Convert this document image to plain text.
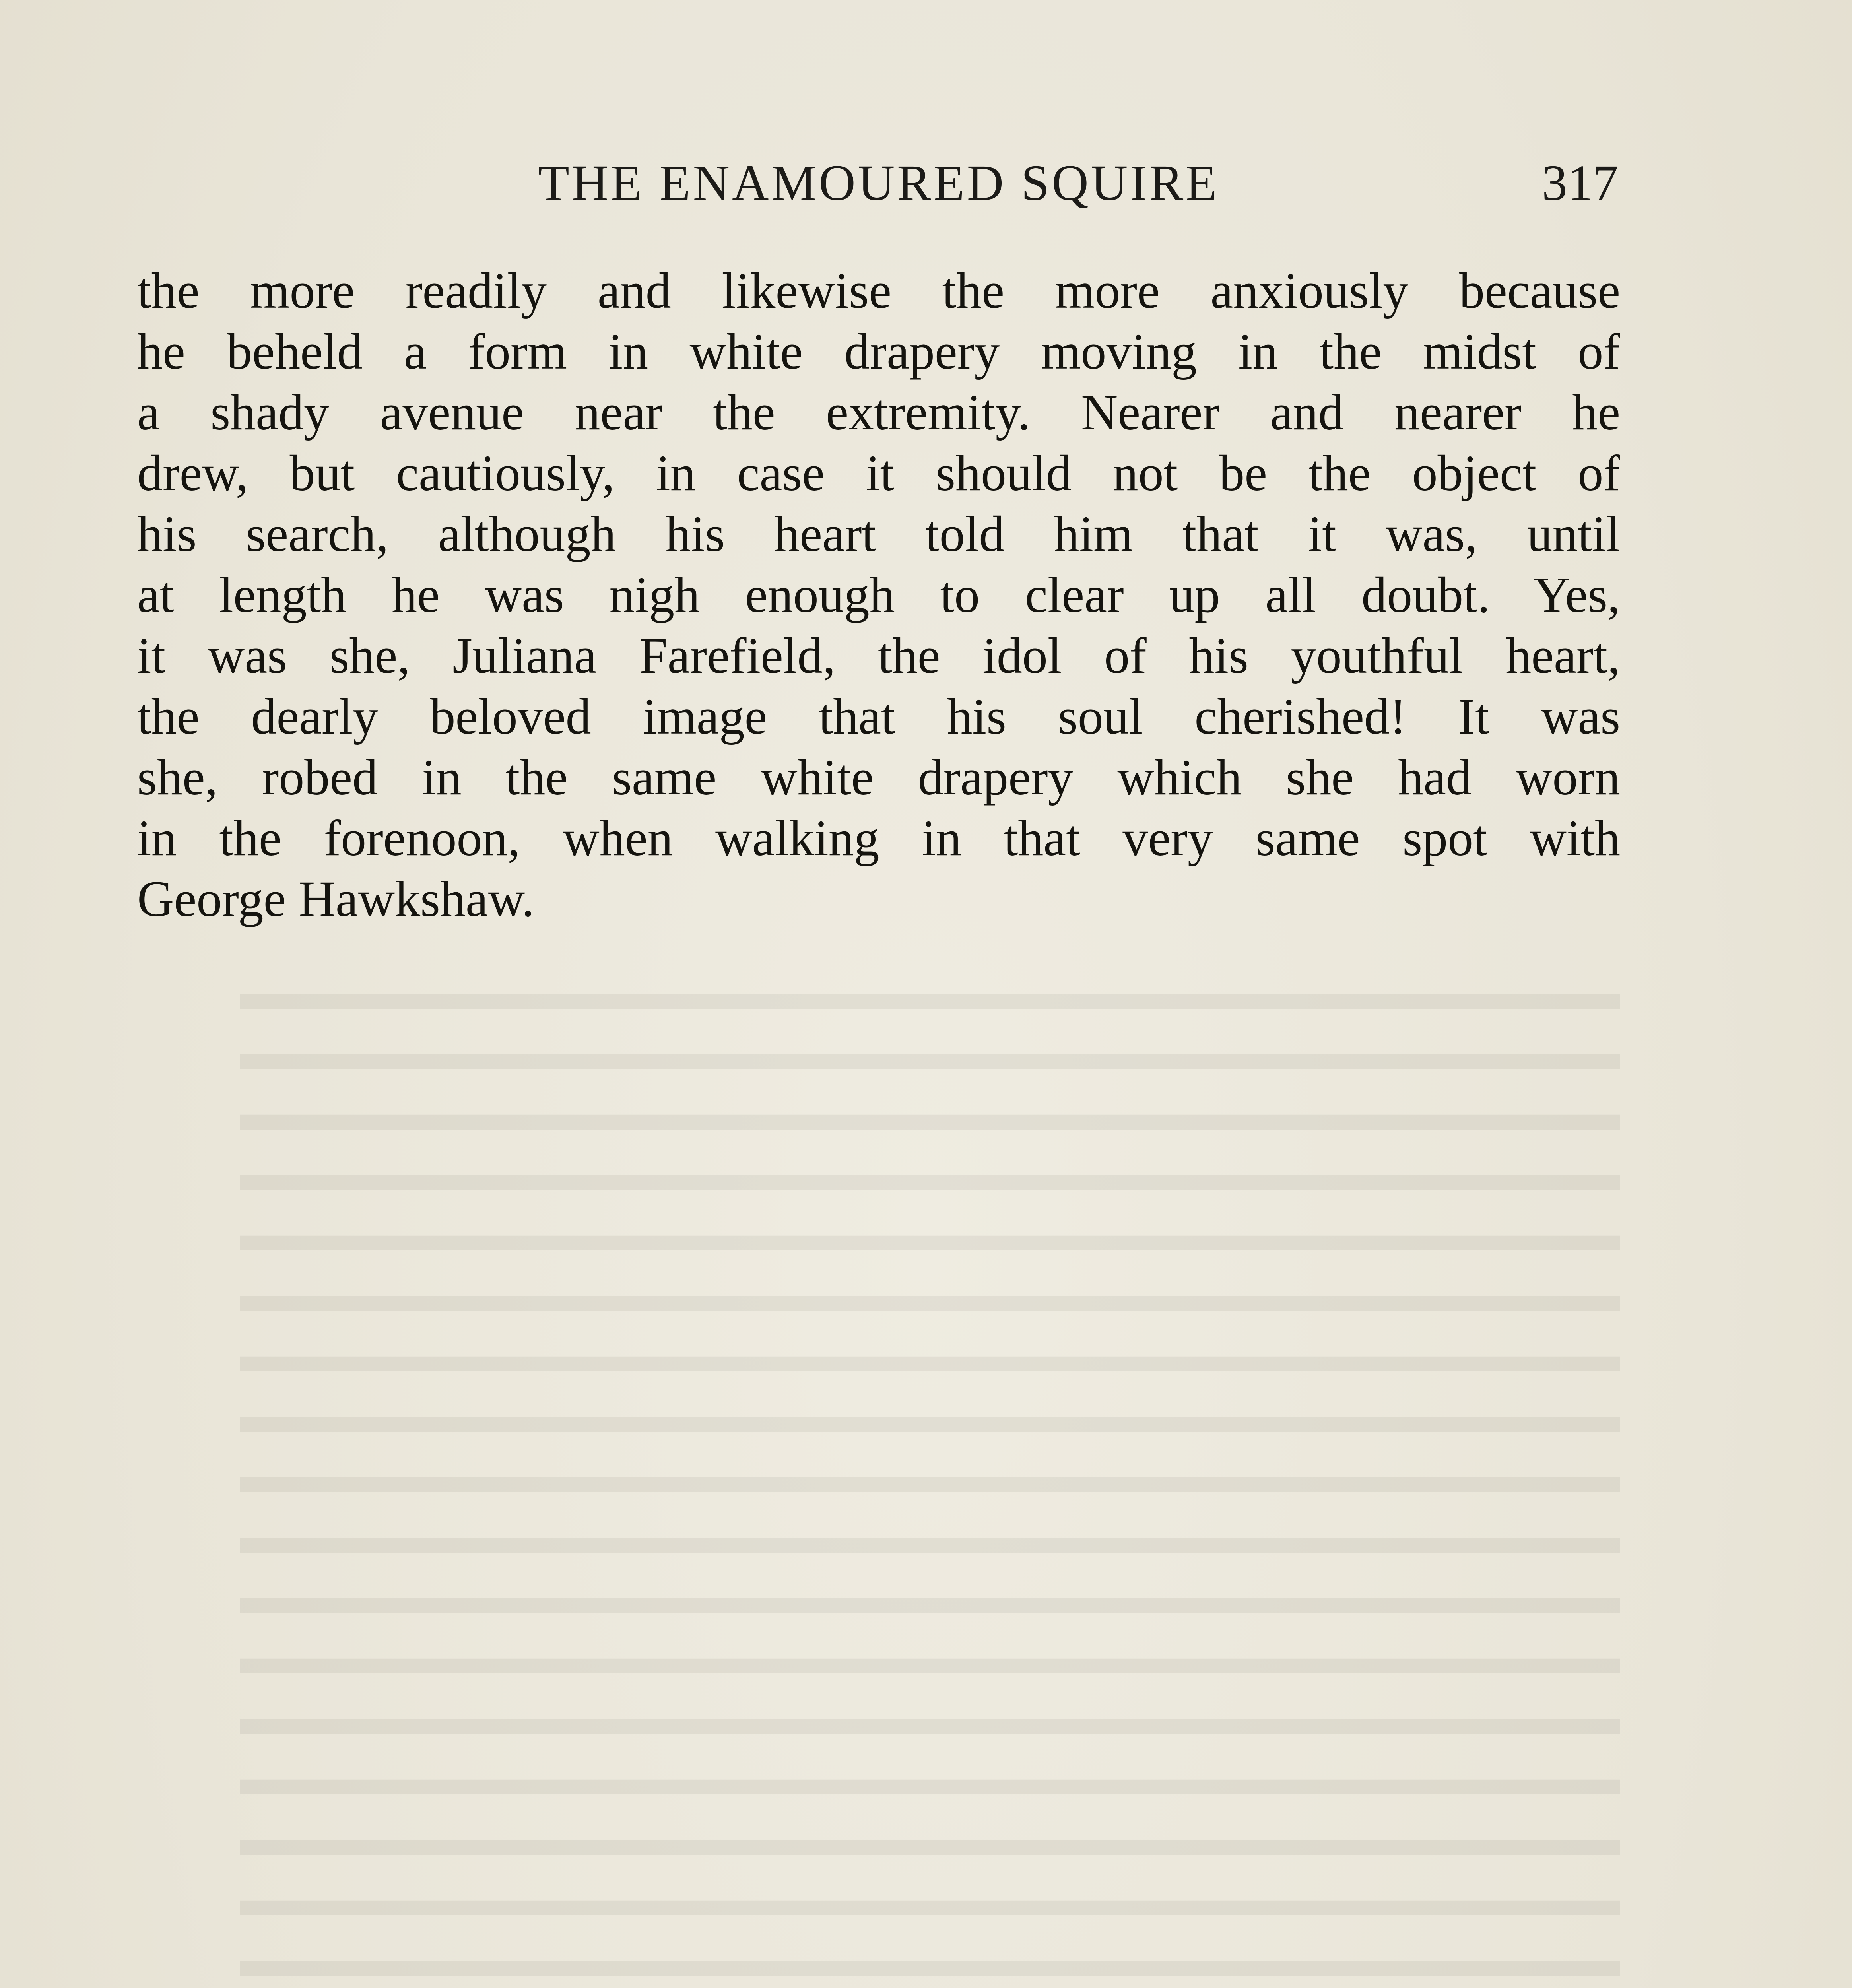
THE ENAMOURED SQUIRE	317
the more readily and likewise the more anxiously because
he beheld a form in white drapery moving in the midst of
a shady avenue near the extremity. Nearer and nearer he
drew, but cautiously, in case it should not be the object of
his search, although his heart told him that it was, until
at length he was nigh enough to clear up all doubt. Yes,
it was she, Juliana Farefield, the idol of his youthful heart,
the dearly beloved image that his soul cherished! It was
she, robed in the same white drapery which she had worn
in the forenoon, when walking in that very same spot with
George Hawkshaw.
▬▬▬▬▬▬▬▬▬▬▬▬▬▬▬▬▬▬▬▬▬▬▬▬▬▬▬▬
▬▬▬▬▬▬▬▬▬▬▬▬▬▬▬▬▬▬▬▬▬▬▬▬▬▬▬▬
▬▬▬▬▬▬▬▬▬▬▬▬▬▬▬▬▬▬▬▬▬▬▬▬▬▬▬▬
▬▬▬▬▬▬▬▬▬▬▬▬▬▬▬▬▬▬▬▬▬▬▬▬▬▬▬▬
▬▬▬▬▬▬▬▬▬▬▬▬▬▬▬▬▬▬▬▬▬▬▬▬▬▬▬▬
▬▬▬▬▬▬▬▬▬▬▬▬▬▬▬▬▬▬▬▬▬▬▬▬▬▬▬▬
▬▬▬▬▬▬▬▬▬▬▬▬▬▬▬▬▬▬▬▬▬▬▬▬▬▬▬▬
▬▬▬▬▬▬▬▬▬▬▬▬▬▬▬▬▬▬▬▬▬▬▬▬▬▬▬▬
▬▬▬▬▬▬▬▬▬▬▬▬▬▬▬▬▬▬▬▬▬▬▬▬▬▬▬▬
▬▬▬▬▬▬▬▬▬▬▬▬▬▬▬▬▬▬▬▬▬▬▬▬▬▬▬▬
▬▬▬▬▬▬▬▬▬▬▬▬▬▬▬▬▬▬▬▬▬▬▬▬▬▬▬▬
▬▬▬▬▬▬▬▬▬▬▬▬▬▬▬▬▬▬▬▬▬▬▬▬▬▬▬▬
▬▬▬▬▬▬▬▬▬▬▬▬▬▬▬▬▬▬▬▬▬▬▬▬▬▬▬▬
▬▬▬▬▬▬▬▬▬▬▬▬▬▬▬▬▬▬▬▬▬▬▬▬▬▬▬▬
▬▬▬▬▬▬▬▬▬▬▬▬▬▬▬▬▬▬▬▬▬▬▬▬▬▬▬▬
▬▬▬▬▬▬▬▬▬▬▬▬▬▬▬▬▬▬▬▬▬▬▬▬▬▬▬▬
▬▬▬▬▬▬▬▬▬▬▬▬▬▬▬▬▬▬▬▬▬▬▬▬▬▬▬▬
